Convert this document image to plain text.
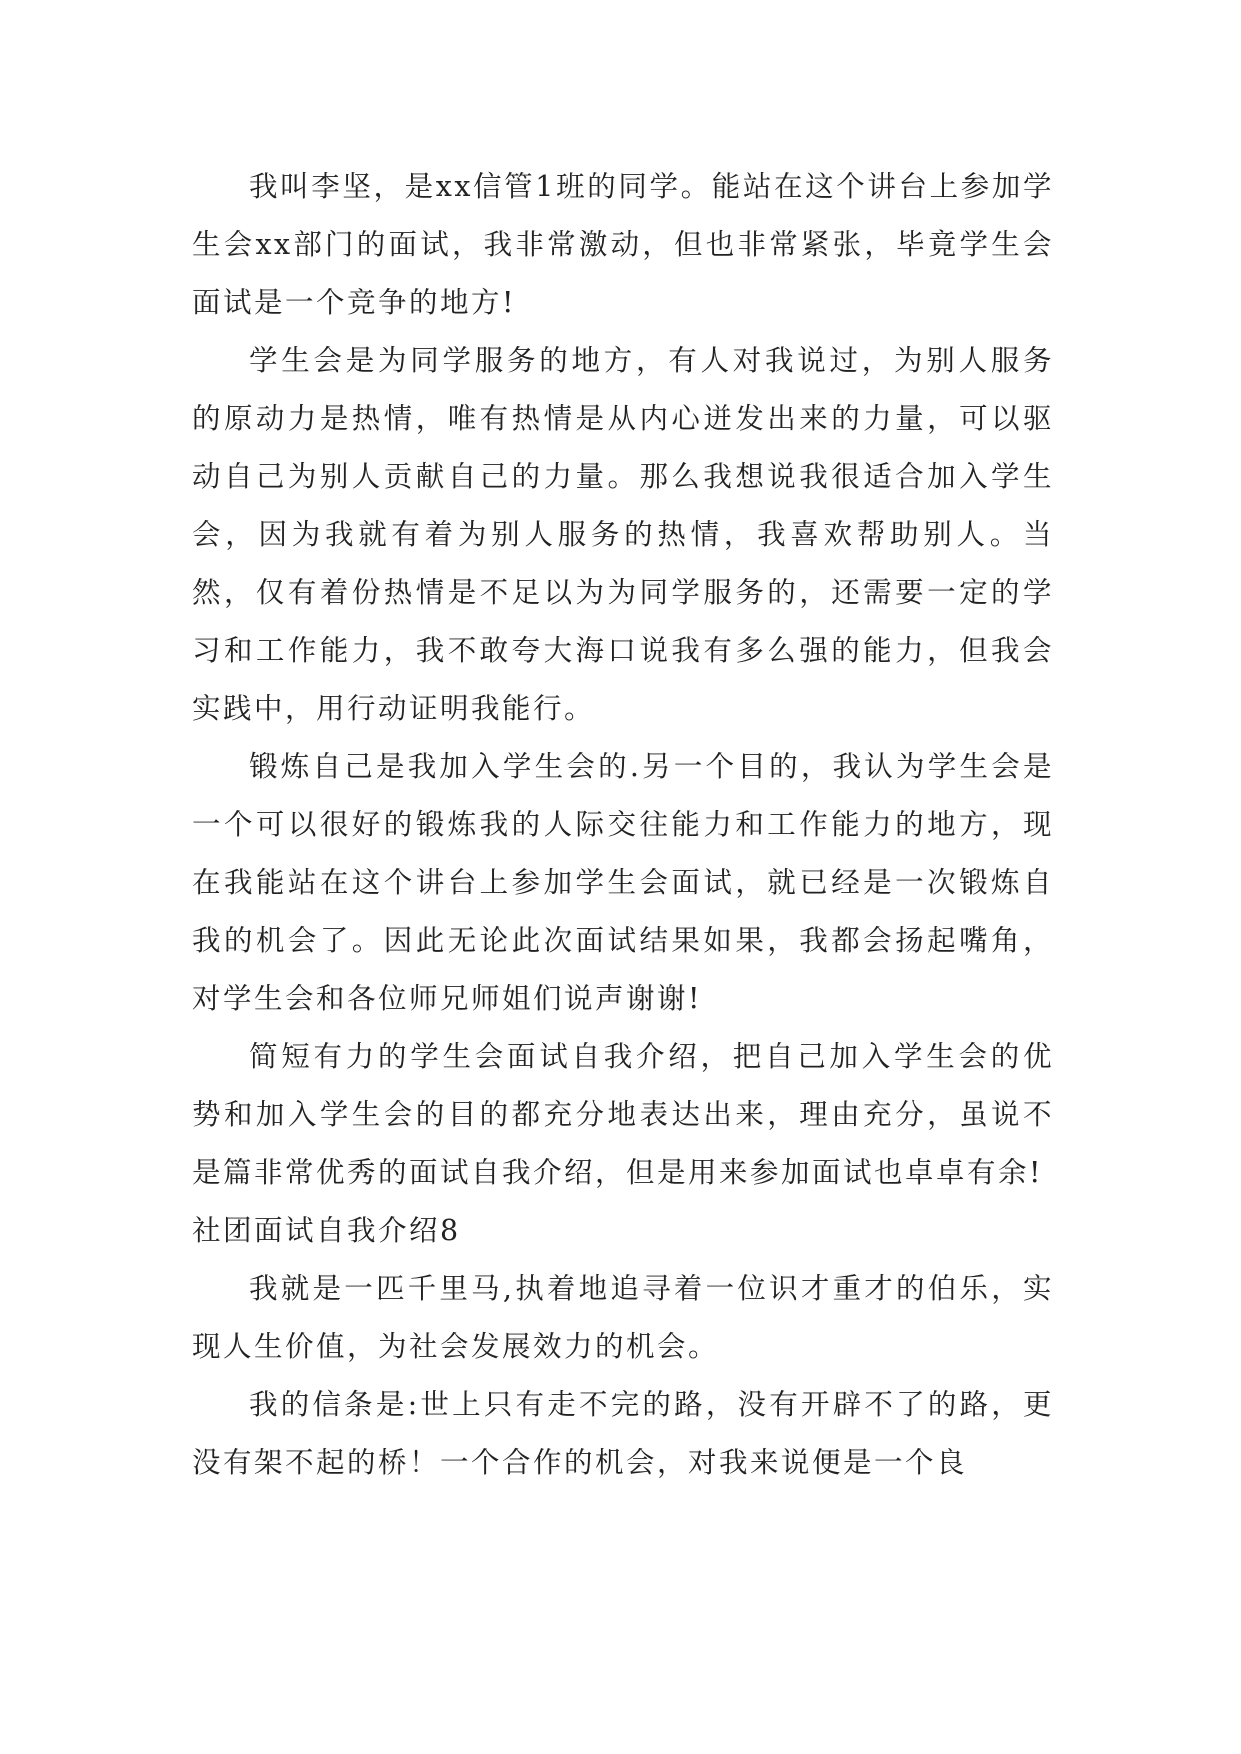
我叫李坚，是xx信管1班的同学。能站在这个讲台上参加学生会xx部门的面试，我非常激动，但也非常紧张，毕竟学生会面试是一个竞争的地方!

学生会是为同学服务的地方，有人对我说过，为别人服务的原动力是热情，唯有热情是从内心迸发出来的力量，可以驱动自己为别人贡献自己的力量。那么我想说我很适合加入学生会，因为我就有着为别人服务的热情，我喜欢帮助别人。当然，仅有着份热情是不足以为为同学服务的，还需要一定的学习和工作能力，我不敢夸大海口说我有多么强的能力，但我会实践中，用行动证明我能行。

锻炼自己是我加入学生会的.另一个目的，我认为学生会是一个可以很好的锻炼我的人际交往能力和工作能力的地方，现在我能站在这个讲台上参加学生会面试，就已经是一次锻炼自我的机会了。因此无论此次面试结果如果，我都会扬起嘴角，对学生会和各位师兄师姐们说声谢谢!

简短有力的学生会面试自我介绍，把自己加入学生会的优势和加入学生会的目的都充分地表达出来，理由充分，虽说不是篇非常优秀的面试自我介绍，但是用来参加面试也卓卓有余!

社团面试自我介绍8

我就是一匹千里马,执着地追寻着一位识才重才的伯乐，实现人生价值，为社会发展效力的机会。

我的信条是:世上只有走不完的路，没有开辟不了的路，更没有架不起的桥！一个合作的机会，对我来说便是一个良
